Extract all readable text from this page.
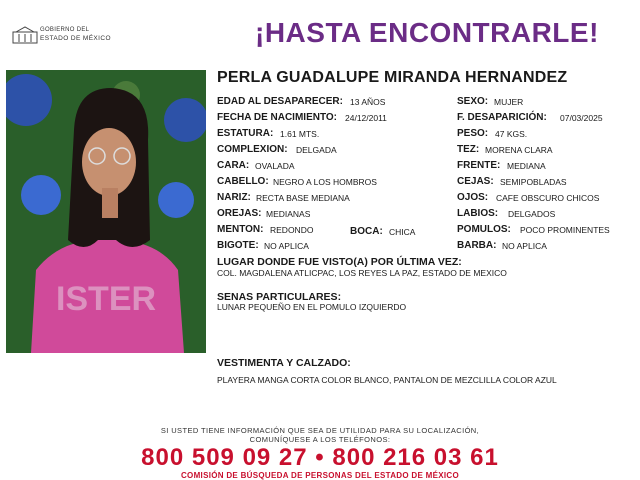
GOBIERNO DEL
ESTADO DE MÉXICO	¡HASTA ENCONTRARLE!
ISTER
PERLA GUADALUPE MIRANDA HERNANDEZ
EDAD AL DESAPARECER: 13 AÑOS
FECHA DE NACIMIENTO: 24/12/2011
ESTATURA: 1.61 MTS.
COMPLEXION: DELGADA
CARA: OVALADA
CABELLO: NEGRO A LOS HOMBROS
NARIZ: RECTA BASE MEDIANA
OREJAS: MEDIANAS
MENTON: REDONDO	BOCA: CHICA
BIGOTE: NO APLICA
SEXO: MUJER
F. DESAPARICIÓN: 07/03/2025
PESO: 47 KGS.
TEZ: MORENA CLARA
FRENTE: MEDIANA
CEJAS: SEMIPOBLADAS
OJOS: CAFE OBSCURO CHICOS
LABIOS: DELGADOS
POMULOS: POCO PROMINENTES
BARBA: NO APLICA
LUGAR DONDE FUE VISTO(A) POR ÚLTIMA VEZ:
COL. MAGDALENA ATLICPAC, LOS REYES LA PAZ, ESTADO DE MEXICO
SENAS PARTICULARES:
LUNAR PEQUEÑO EN EL POMULO IZQUIERDO
VESTIMENTA Y CALZADO:
PLAYERA MANGA CORTA COLOR BLANCO, PANTALON DE MEZCLILLA COLOR AZUL
SI USTED TIENE INFORMACIÓN QUE SEA DE UTILIDAD PARA SU LOCALIZACIÓN,
COMUNÍQUESE A LOS TELÉFONOS:
800 509 09 27 • 800 216 03 61
COMISIÓN DE BÚSQUEDA DE PERSONAS DEL ESTADO DE MÉXICO
